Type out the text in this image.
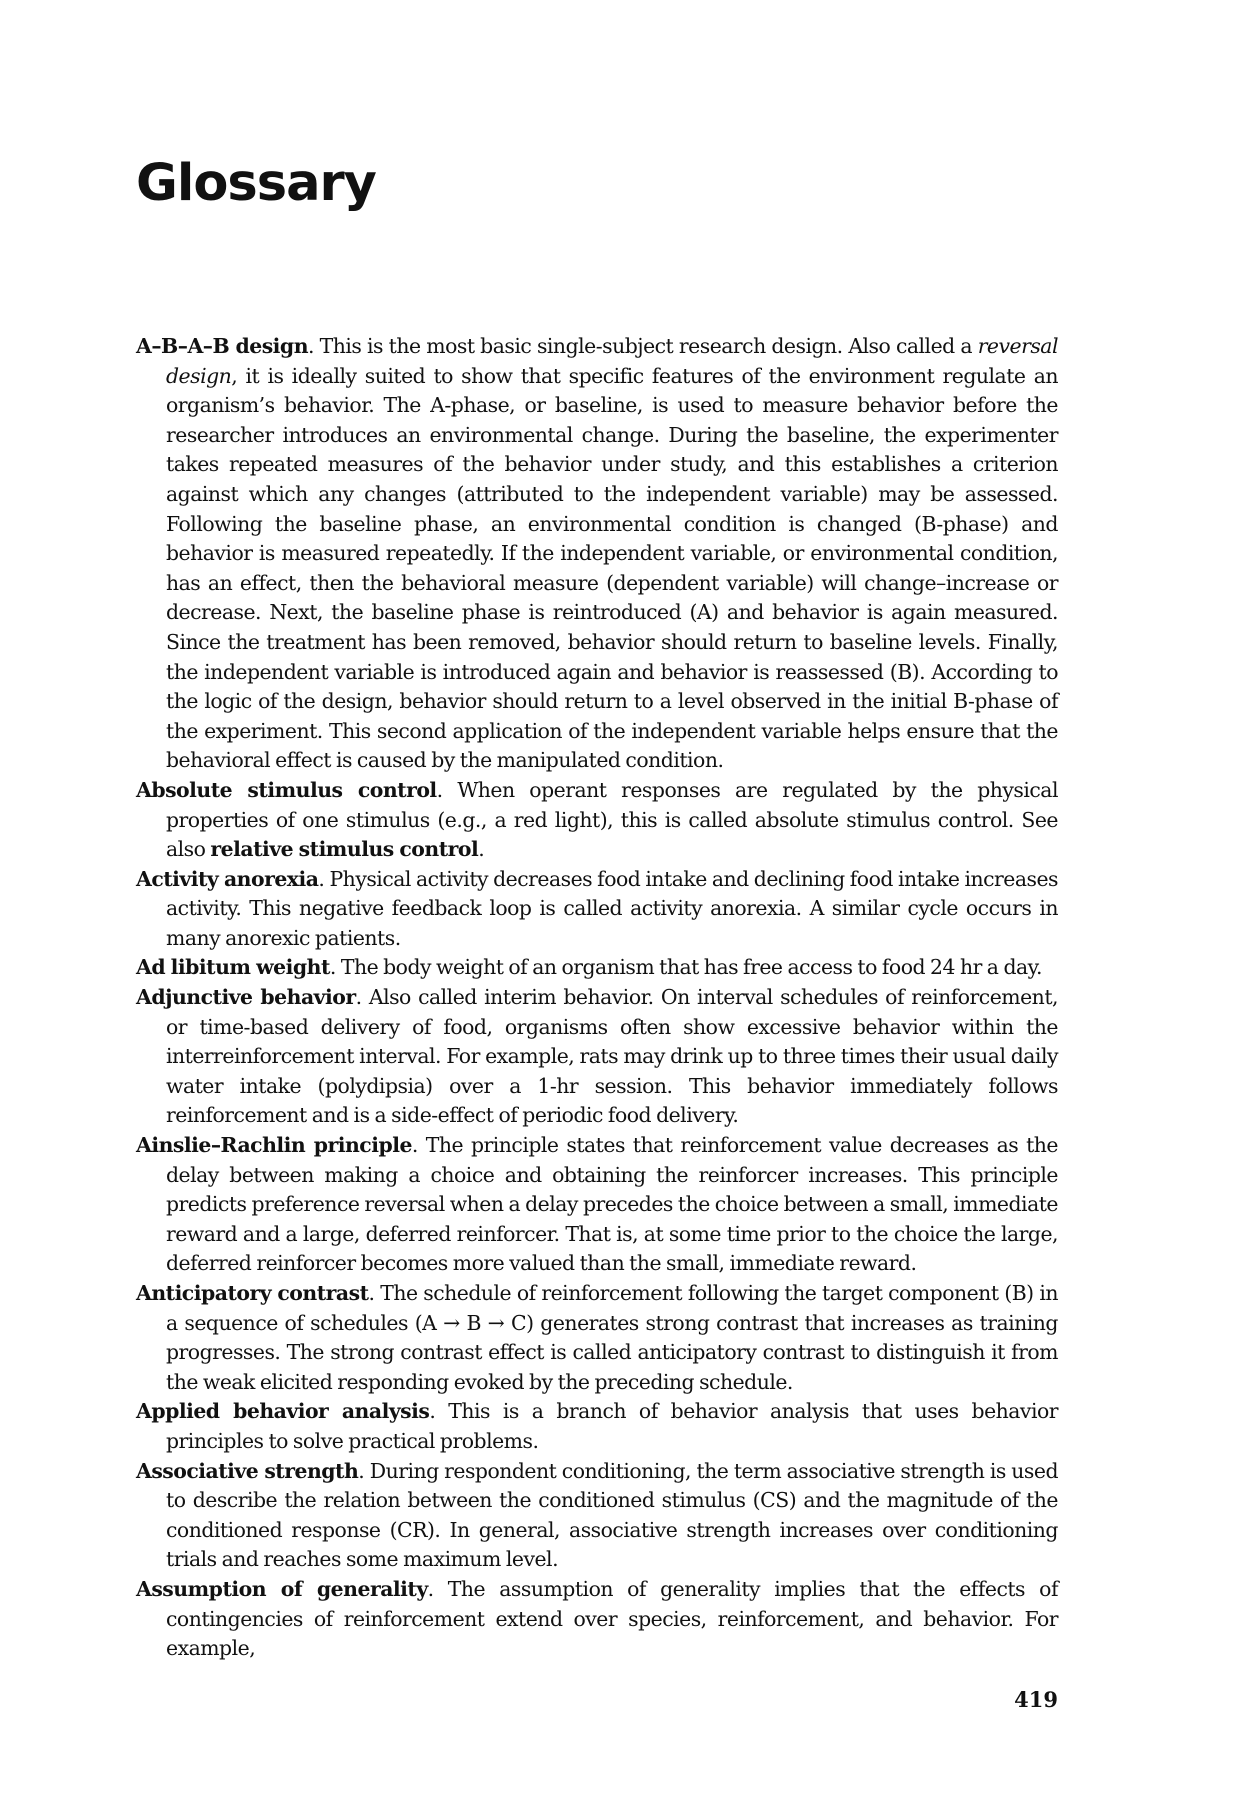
Glossary

A–B–A–B design. This is the most basic single-subject research design. Also called a reversal design, it is ideally suited to show that specific features of the environment regulate an organism’s behavior. The A-phase, or baseline, is used to measure behavior before the researcher introduces an environmental change. During the baseline, the experimenter takes repeated measures of the behavior under study, and this establishes a criterion against which any changes (attributed to the independent variable) may be assessed. Following the baseline phase, an environmental condition is changed (B-phase) and behavior is measured repeatedly. If the independent variable, or environmental condition, has an effect, then the behavioral measure (dependent variable) will change–increase or decrease. Next, the baseline phase is reintroduced (A) and behavior is again measured. Since the treatment has been removed, behavior should return to baseline levels. Finally, the independent variable is introduced again and behavior is reassessed (B). According to the logic of the design, behavior should return to a level observed in the initial B-phase of the experiment. This second application of the independent variable helps ensure that the behavioral effect is caused by the manipulated condition.

Absolute stimulus control. When operant responses are regulated by the physical properties of one stimulus (e.g., a red light), this is called absolute stimulus control. See also relative stimulus control.

Activity anorexia. Physical activity decreases food intake and declining food intake increases activity. This negative feedback loop is called activity anorexia. A similar cycle occurs in many anorexic patients.

Ad libitum weight. The body weight of an organism that has free access to food 24 hr a day.

Adjunctive behavior. Also called interim behavior. On interval schedules of reinforcement, or time-based delivery of food, organisms often show excessive behavior within the interreinforcement interval. For example, rats may drink up to three times their usual daily water intake (polydipsia) over a 1-hr session. This behavior immediately follows reinforcement and is a side-effect of periodic food delivery.

Ainslie–Rachlin principle. The principle states that reinforcement value decreases as the delay between making a choice and obtaining the reinforcer increases. This principle predicts preference reversal when a delay precedes the choice between a small, immediate reward and a large, deferred reinforcer. That is, at some time prior to the choice the large, deferred reinforcer becomes more valued than the small, immediate reward.

Anticipatory contrast. The schedule of reinforcement following the target component (B) in a sequence of schedules (A → B → C) generates strong contrast that increases as training progresses. The strong contrast effect is called anticipatory contrast to distinguish it from the weak elicited responding evoked by the preceding schedule.

Applied behavior analysis. This is a branch of behavior analysis that uses behavior principles to solve practical problems.

Associative strength. During respondent conditioning, the term associative strength is used to describe the relation between the conditioned stimulus (CS) and the magnitude of the conditioned response (CR). In general, associative strength increases over conditioning trials and reaches some maximum level.

Assumption of generality. The assumption of generality implies that the effects of contingencies of reinforcement extend over species, reinforcement, and behavior. For example,

419
